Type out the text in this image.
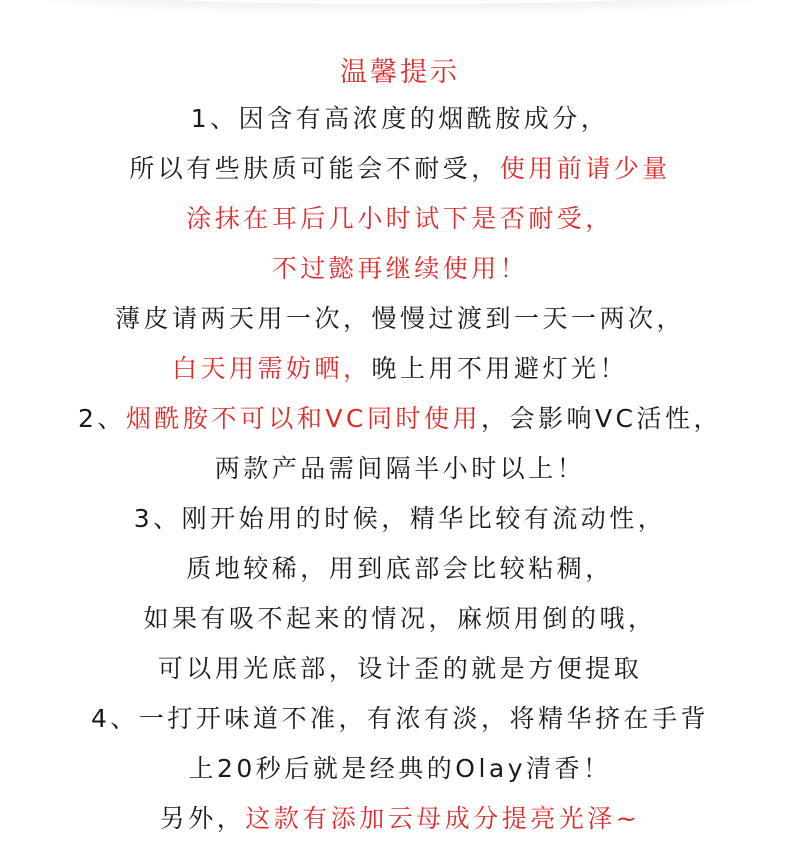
温馨提示
1、因含有高浓度的烟酰胺成分，
所以有些肤质可能会不耐受，使用前请少量
涂抹在耳后几小时试下是否耐受，
不过懿再继续使用！
薄皮请两天用一次，慢慢过渡到一天一两次，
白天用需妨晒，晚上用不用避灯光！
2、烟酰胺不可以和VC同时使用，会影响VC活性，
两款产品需间隔半小时以上！
3、刚开始用的时候，精华比较有流动性，
质地较稀，用到底部会比较粘稠，
如果有吸不起来的情况，麻烦用倒的哦，
可以用光底部，设计歪的就是方便提取
4、一打开味道不准，有浓有淡，将精华挤在手背
上20秒后就是经典的Olay清香！
另外，这款有添加云母成分提亮光泽~
